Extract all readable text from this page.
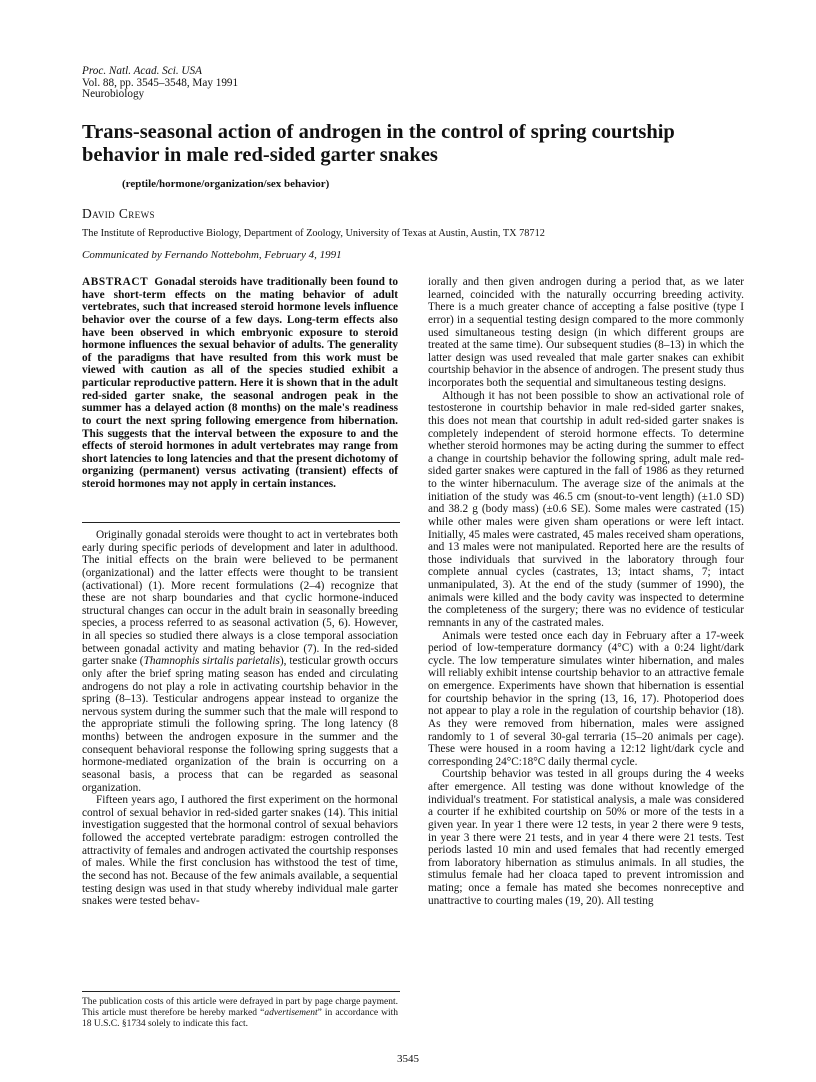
Proc. Natl. Acad. Sci. USA
Vol. 88, pp. 3545–3548, May 1991
Neurobiology
Trans-seasonal action of androgen in the control of spring courtship behavior in male red-sided garter snakes
(reptile/hormone/organization/sex behavior)
David Crews
The Institute of Reproductive Biology, Department of Zoology, University of Texas at Austin, Austin, TX 78712
Communicated by Fernando Nottebohm, February 4, 1991

ABSTRACT Gonadal steroids have traditionally been found to have short-term effects on the mating behavior of adult vertebrates, such that increased steroid hormone levels influence behavior over the course of a few days. Long-term effects also have been observed in which embryonic exposure to steroid hormone influences the sexual behavior of adults. The generality of the paradigms that have resulted from this work must be viewed with caution as all of the species studied exhibit a particular reproductive pattern. Here it is shown that in the adult red-sided garter snake, the seasonal androgen peak in the summer has a delayed action (8 months) on the male's readiness to court the next spring following emergence from hibernation. This suggests that the interval between the exposure to and the effects of steroid hormones in adult vertebrates may range from short latencies to long latencies and that the present dichotomy of organizing (permanent) versus activating (transient) effects of steroid hormones may not apply in certain instances.

Originally gonadal steroids were thought to act in vertebrates both early during specific periods of development and later in adulthood. The initial effects on the brain were believed to be permanent (organizational) and the latter effects were thought to be transient (activational) (1). More recent formulations (2–4) recognize that these are not sharp boundaries and that cyclic hormone-induced structural changes can occur in the adult brain in seasonally breeding species, a process referred to as seasonal activation (5, 6). However, in all species so studied there always is a close temporal association between gonadal activity and mating behavior (7). In the red-sided garter snake (Thamnophis sirtalis parietalis), testicular growth occurs only after the brief spring mating season has ended and circulating androgens do not play a role in activating courtship behavior in the spring (8–13). Testicular androgens appear instead to organize the nervous system during the summer such that the male will respond to the appropriate stimuli the following spring. The long latency (8 months) between the androgen exposure in the summer and the consequent behavioral response the following spring suggests that a hormone-mediated organization of the brain is occurring on a seasonal basis, a process that can be regarded as seasonal organization.

Fifteen years ago, I authored the first experiment on the hormonal control of sexual behavior in red-sided garter snakes (14). This initial investigation suggested that the hormonal control of sexual behaviors followed the accepted vertebrate paradigm: estrogen controlled the attractivity of females and androgen activated the courtship responses of males. While the first conclusion has withstood the test of time, the second has not. Because of the few animals available, a sequential testing design was used in that study whereby individual male garter snakes were tested behav-

The publication costs of this article were defrayed in part by page charge payment. This article must therefore be hereby marked “advertisement” in accordance with 18 U.S.C. §1734 solely to indicate this fact.

iorally and then given androgen during a period that, as we later learned, coincided with the naturally occurring breeding activity. There is a much greater chance of accepting a false positive (type I error) in a sequential testing design compared to the more commonly used simultaneous testing design (in which different groups are treated at the same time). Our subsequent studies (8–13) in which the latter design was used revealed that male garter snakes can exhibit courtship behavior in the absence of androgen. The present study thus incorporates both the sequential and simultaneous testing designs.

Although it has not been possible to show an activational role of testosterone in courtship behavior in male red-sided garter snakes, this does not mean that courtship in adult red-sided garter snakes is completely independent of steroid hormone effects. To determine whether steroid hormones may be acting during the summer to effect a change in courtship behavior the following spring, adult male red-sided garter snakes were captured in the fall of 1986 as they returned to the winter hibernaculum. The average size of the animals at the initiation of the study was 46.5 cm (snout-to-vent length) (±1.0 SD) and 38.2 g (body mass) (±0.6 SE). Some males were castrated (15) while other males were given sham operations or were left intact. Initially, 45 males were castrated, 45 males received sham operations, and 13 males were not manipulated. Reported here are the results of those individuals that survived in the laboratory through four complete annual cycles (castrates, 13; intact shams, 7; intact unmanipulated, 3). At the end of the study (summer of 1990), the animals were killed and the body cavity was inspected to determine the completeness of the surgery; there was no evidence of testicular remnants in any of the castrated males.

Animals were tested once each day in February after a 17-week period of low-temperature dormancy (4°C) with a 0:24 light/dark cycle. The low temperature simulates winter hibernation, and males will reliably exhibit intense courtship behavior to an attractive female on emergence. Experiments have shown that hibernation is essential for courtship behavior in the spring (13, 16, 17). Photoperiod does not appear to play a role in the regulation of courtship behavior (18). As they were removed from hibernation, males were assigned randomly to 1 of several 30-gal terraria (15–20 animals per cage). These were housed in a room having a 12:12 light/dark cycle and corresponding 24°C:18°C daily thermal cycle.

Courtship behavior was tested in all groups during the 4 weeks after emergence. All testing was done without knowledge of the individual's treatment. For statistical analysis, a male was considered a courter if he exhibited courtship on 50% or more of the tests in a given year. In year 1 there were 12 tests, in year 2 there were 9 tests, in year 3 there were 21 tests, and in year 4 there were 21 tests. Test periods lasted 10 min and used females that had recently emerged from laboratory hibernation as stimulus animals. In all studies, the stimulus female had her cloaca taped to prevent intromission and mating; once a female has mated she becomes nonreceptive and unattractive to courting males (19, 20). All testing

3545
